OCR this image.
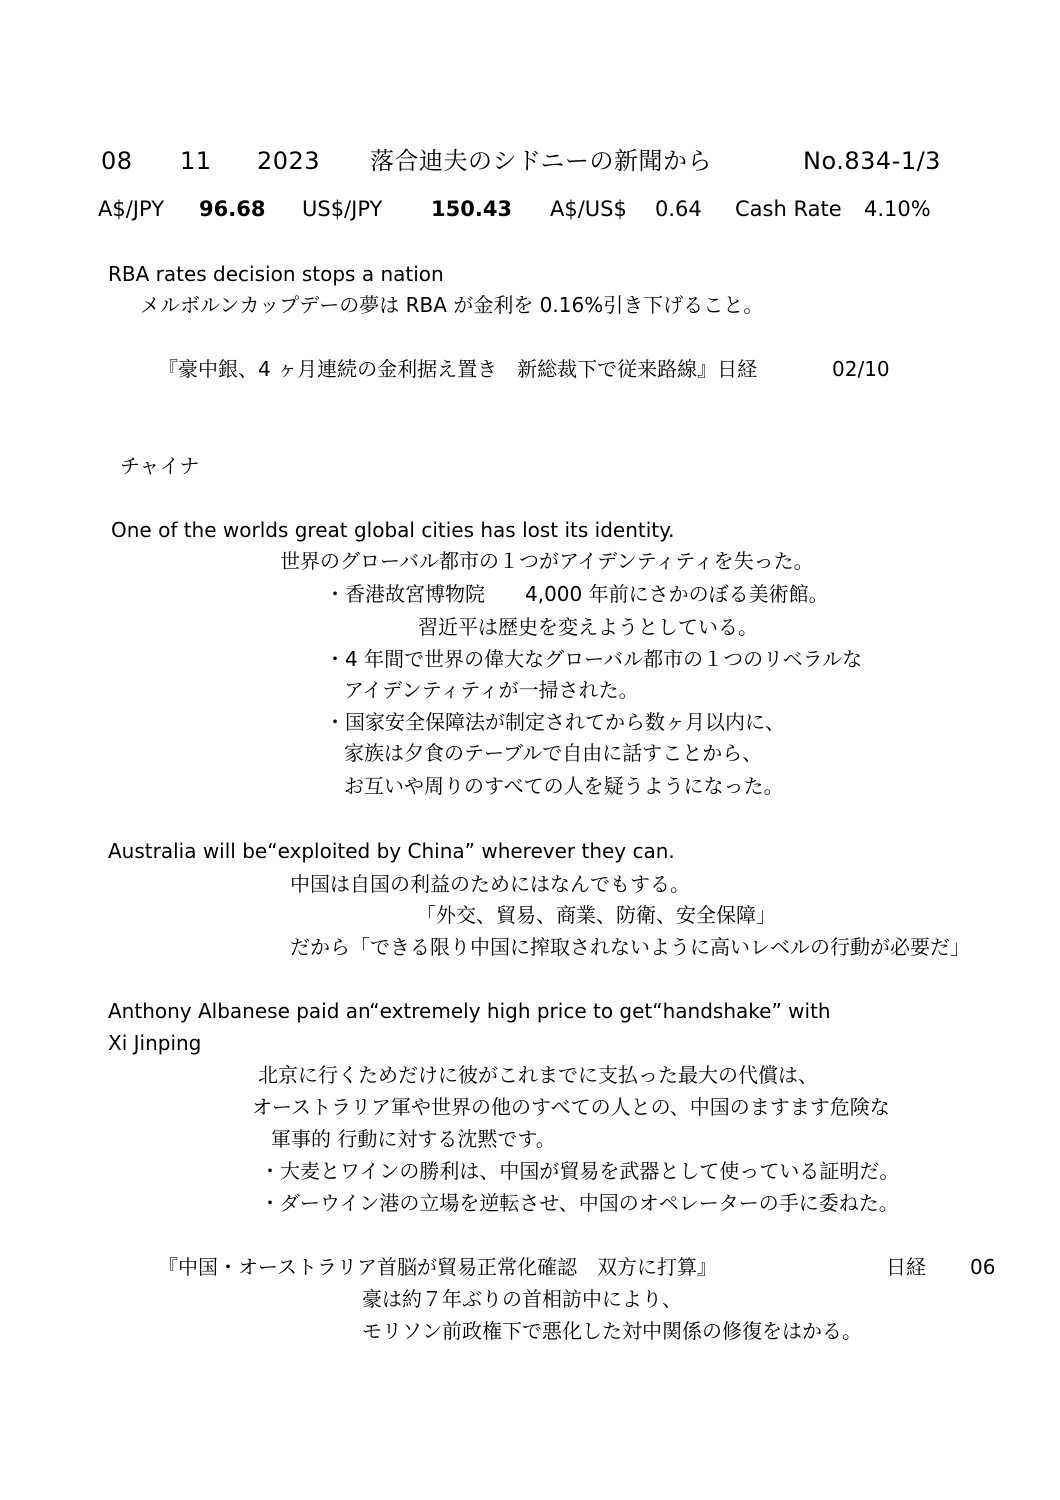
08 11 2023 落合迪夫のシドニーの新聞から	No.834-1/3
A$/JPY 96.68 US$/JPY 150.43 A$/US$ 0.64 Cash Rate 4.10%
RBA rates decision stops a nation
メルボルンカップデーの夢は RBA が金利を 0.16%引き下げること。
『豪中銀、4 ヶ月連続の金利据え置き　新総裁下で従来路線』日経	02/10
チャイナ
One of the worlds great global cities has lost its identity.
世界のグローバル都市の１つがアイデンティティを失った。
・香港故宮博物院　　4,000 年前にさかのぼる美術館。
習近平は歴史を変えようとしている。
・4 年間で世界の偉大なグローバル都市の１つのリベラルな
アイデンティティが一掃された。
・国家安全保障法が制定されてから数ヶ月以内に、
家族は夕食のテーブルで自由に話すことから、
お互いや周りのすべての人を疑うようになった。
Australia will be“exploited by China” wherever they can.
中国は自国の利益のためにはなんでもする。
「外交、貿易、商業、防衛、安全保障」
だから「できる限り中国に搾取されないように高いレベルの行動が必要だ」
Anthony Albanese paid an“extremely high price to get“handshake” with
Xi Jinping
北京に行くためだけに彼がこれまでに支払った最大の代償は、
オーストラリア軍や世界の他のすべての人との、中国のますます危険な
軍事的 行動に対する沈黙です。
・大麦とワインの勝利は、中国が貿易を武器として使っている証明だ。
・ダーウイン港の立場を逆転させ、中国のオペレーターの手に委ねた。
『中国・オーストラリア首脳が貿易正常化確認　双方に打算』	日経 06
豪は約７年ぶりの首相訪中により、
モリソン前政権下で悪化した対中関係の修復をはかる。
